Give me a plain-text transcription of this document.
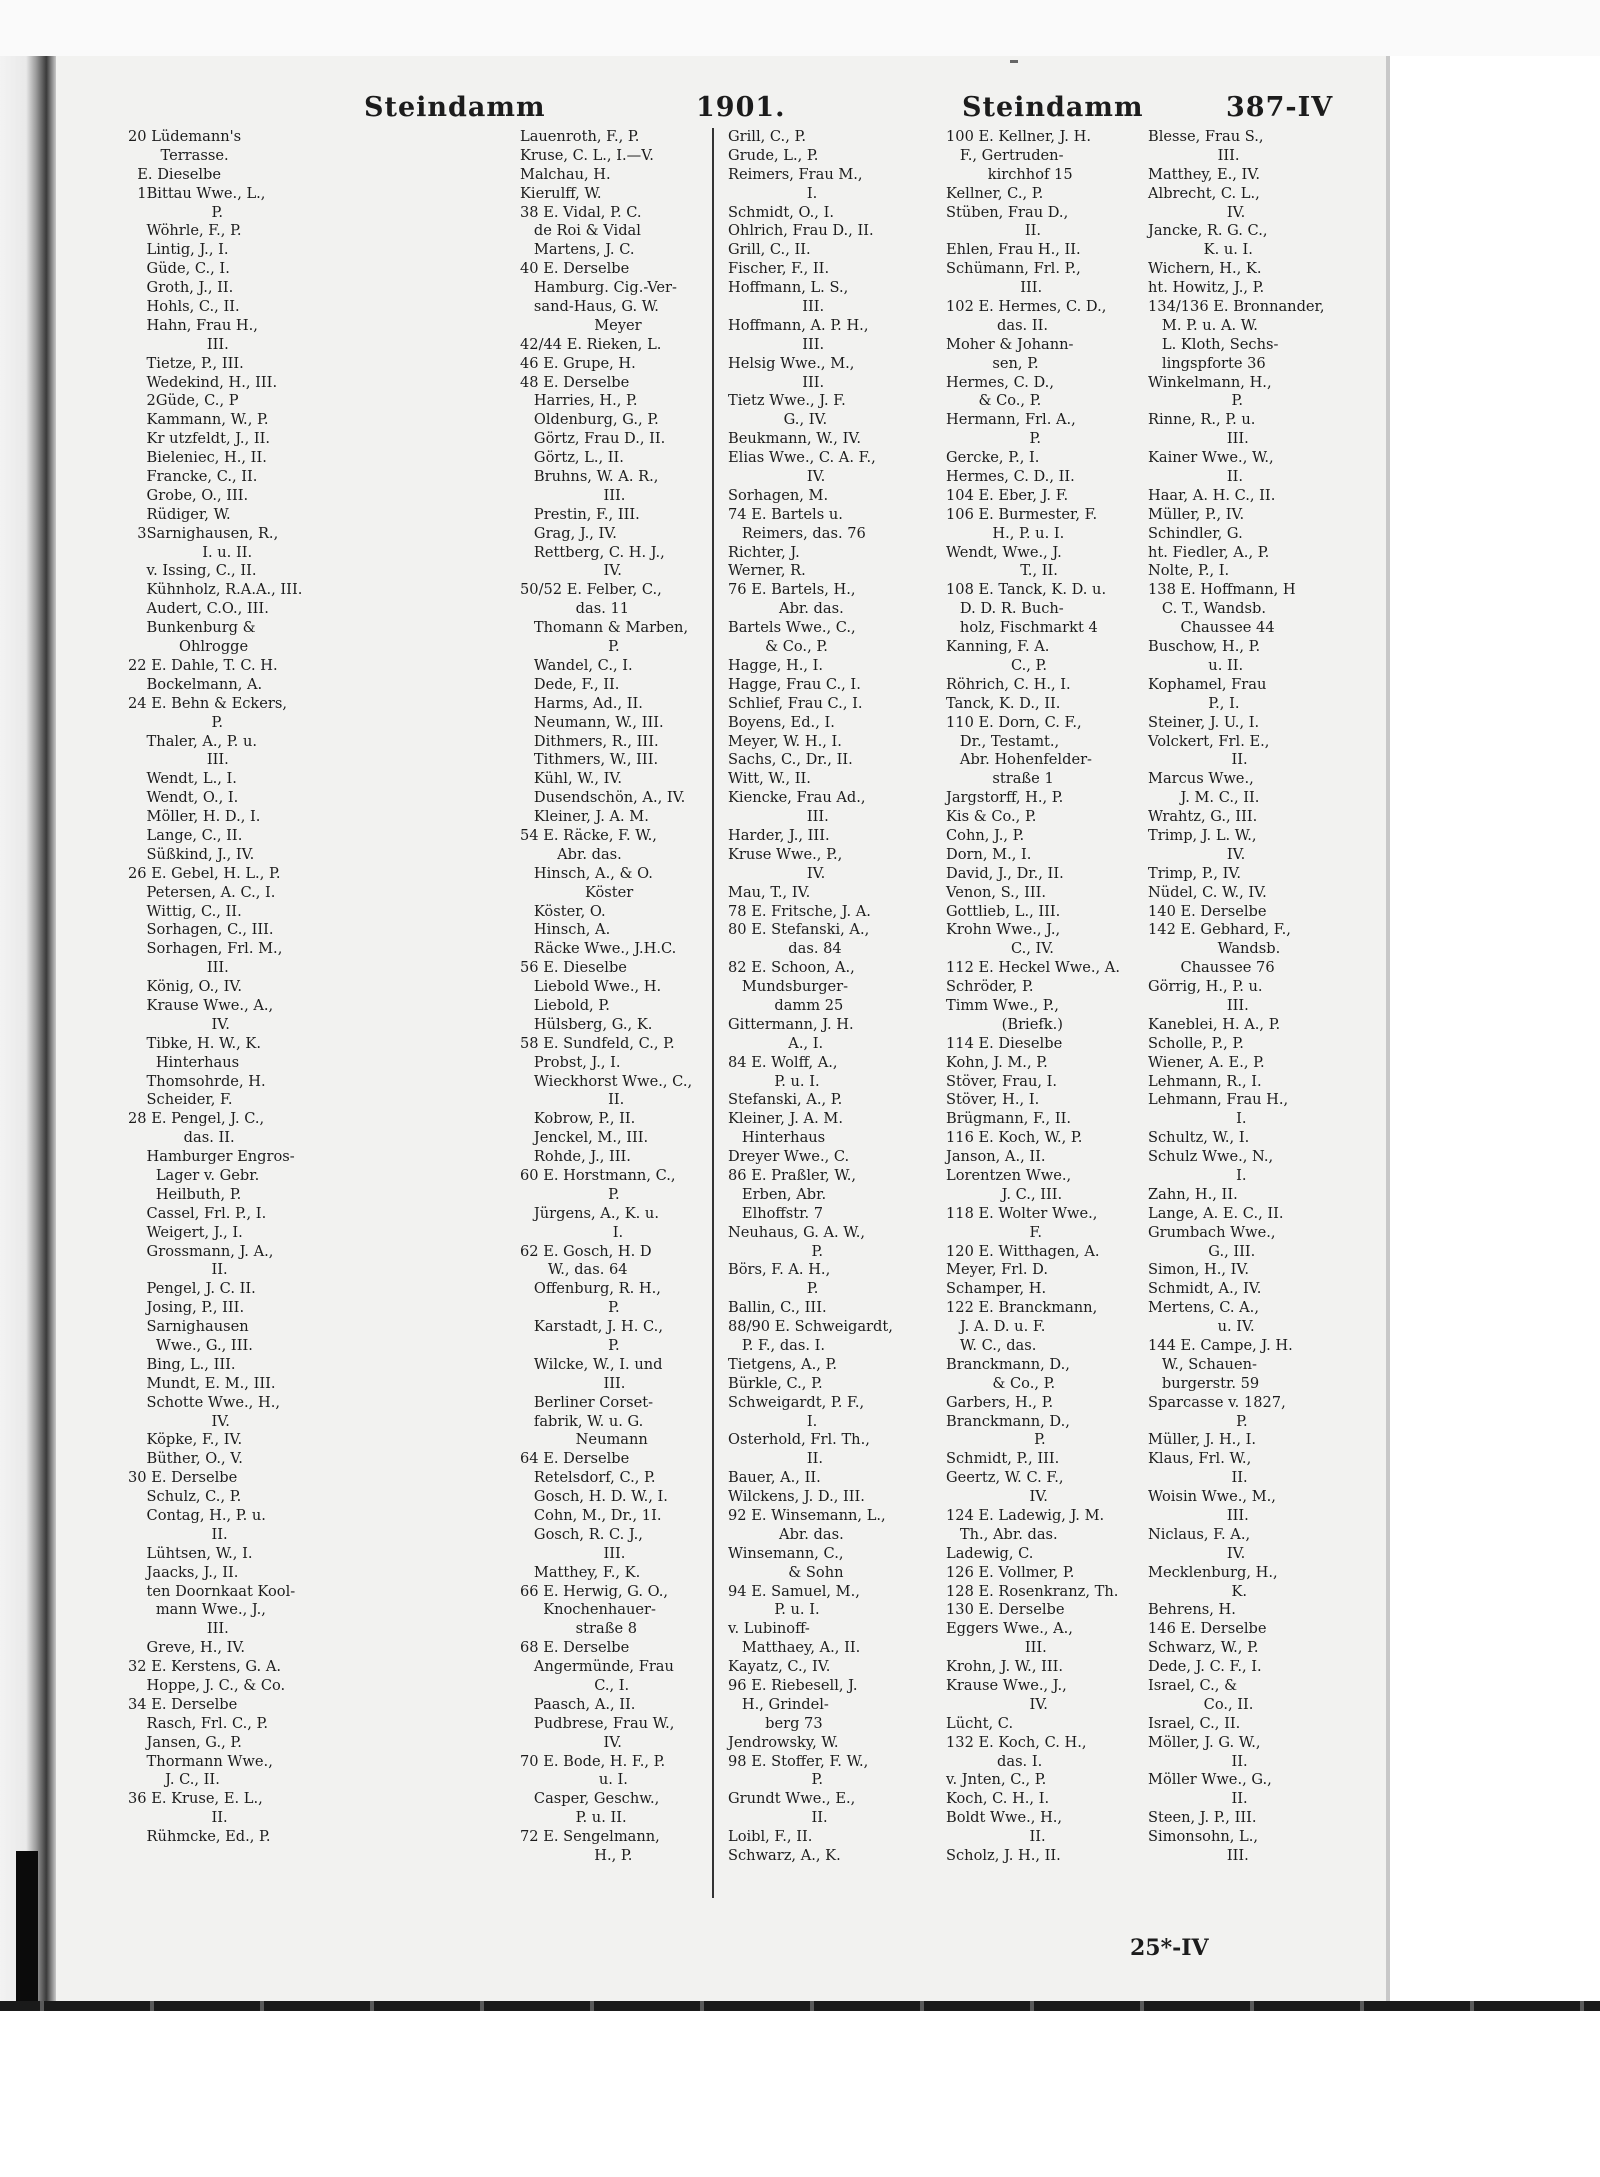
Steindamm	1901.	Steindamm	387-IV
20 Lüdemann's
Terrasse.
E. Dieselbe
1Bittau Wwe., L.,
P.
Wöhrle, F., P.
Lintig, J., I.
Güde, C., I.
Groth, J., II.
Hohls, C., II.
Hahn, Frau H.,
III.
Tietze, P., III.
Wedekind, H., III.
2Güde, C., P
Kammann, W., P.
Kr utzfeldt, J., II.
Bieleniec, H., II.
Francke, C., II.
Grobe, O., III.
Rüdiger, W.
3Sarnighausen, R.,
I. u. II.
v. Issing, C., II.
Kühnholz, R.A.A., III.
Audert, C.O., III.
Bunkenburg &
Ohlrogge
22 E. Dahle, T. C. H.
Bockelmann, A.
24 E. Behn & Eckers,
P.
Thaler, A., P. u.
III.
Wendt, L., I.
Wendt, O., I.
Möller, H. D., I.
Lange, C., II.
Süßkind, J., IV.
26 E. Gebel, H. L., P.
Petersen, A. C., I.
Wittig, C., II.
Sorhagen, C., III.
Sorhagen, Frl. M.,
III.
König, O., IV.
Krause Wwe., A.,
IV.
Tibke, H. W., K.
Hinterhaus
Thomsohrde, H.
Scheider, F.
28 E. Pengel, J. C.,
das. II.
Hamburger Engros-
Lager v. Gebr.
Heilbuth, P.
Cassel, Frl. P., I.
Weigert, J., I.
Grossmann, J. A.,
II.
Pengel, J. C. II.
Josing, P., III.
Sarnighausen
Wwe., G., III.
Bing, L., III.
Mundt, E. M., III.
Schotte Wwe., H.,
IV.
Köpke, F., IV.
Büther, O., V.
30 E. Derselbe
Schulz, C., P.
Contag, H., P. u.
II.
Lühtsen, W., I.
Jaacks, J., II.
ten Doornkaat Kool-
mann Wwe., J.,
III.
Greve, H., IV.
32 E. Kerstens, G. A.
Hoppe, J. C., & Co.
34 E. Derselbe
Rasch, Frl. C., P.
Jansen, G., P.
Thormann Wwe.,
J. C., II.
36 E. Kruse, E. L.,
II.
Rühmcke, Ed., P.
Lauenroth, F., P.
Kruse, C. L., I.—V.
Malchau, H.
Kierulff, W.
38 E. Vidal, P. C.
de Roi & Vidal
Martens, J. C.
40 E. Derselbe
Hamburg. Cig.-Ver-
sand-Haus, G. W.
Meyer
42/44 E. Rieken, L.
46 E. Grupe, H.
48 E. Derselbe
Harries, H., P.
Oldenburg, G., P.
Görtz, Frau D., II.
Görtz, L., II.
Bruhns, W. A. R.,
III.
Prestin, F., III.
Grag, J., IV.
Rettberg, C. H. J.,
IV.
50/52 E. Felber, C.,
das. 11
Thomann & Marben,
P.
Wandel, C., I.
Dede, F., II.
Harms, Ad., II.
Neumann, W., III.
Dithmers, R., III.
Tithmers, W., III.
Kühl, W., IV.
Dusendschön, A., IV.
Kleiner, J. A. M.
54 E. Räcke, F. W.,
Abr. das.
Hinsch, A., & O.
Köster
Köster, O.
Hinsch, A.
Räcke Wwe., J.H.C.
56 E. Dieselbe
Liebold Wwe., H.
Liebold, P.
Hülsberg, G., K.
58 E. Sundfeld, C., P.
Probst, J., I.
Wieckhorst Wwe., C.,
II.
Kobrow, P., II.
Jenckel, M., III.
Rohde, J., III.
60 E. Horstmann, C.,
P.
Jürgens, A., K. u.
I.
62 E. Gosch, H. D
W., das. 64
Offenburg, R. H.,
P.
Karstadt, J. H. C.,
P.
Wilcke, W., I. und
III.
Berliner Corset-
fabrik, W. u. G.
Neumann
64 E. Derselbe
Retelsdorf, C., P.
Gosch, H. D. W., I.
Cohn, M., Dr., 1I.
Gosch, R. C. J.,
III.
Matthey, F., K.
66 E. Herwig, G. O.,
Knochenhauer-
straße 8
68 E. Derselbe
Angermünde, Frau
C., I.
Paasch, A., II.
Pudbrese, Frau W.,
IV.
70 E. Bode, H. F., P.
u. I.
Casper, Geschw.,
P. u. II.
72 E. Sengelmann,
H., P.
Grill, C., P.
Grude, L., P.
Reimers, Frau M.,
I.
Schmidt, O., I.
Ohlrich, Frau D., II.
Grill, C., II.
Fischer, F., II.
Hoffmann, L. S.,
III.
Hoffmann, A. P. H.,
III.
Helsig Wwe., M.,
III.
Tietz Wwe., J. F.
G., IV.
Beukmann, W., IV.
Elias Wwe., C. A. F.,
IV.
Sorhagen, M.
74 E. Bartels u.
Reimers, das. 76
Richter, J.
Werner, R.
76 E. Bartels, H.,
Abr. das.
Bartels Wwe., C.,
& Co., P.
Hagge, H., I.
Hagge, Frau C., I.
Schlief, Frau C., I.
Boyens, Ed., I.
Meyer, W. H., I.
Sachs, C., Dr., II.
Witt, W., II.
Kiencke, Frau Ad.,
III.
Harder, J., III.
Kruse Wwe., P.,
IV.
Mau, T., IV.
78 E. Fritsche, J. A.
80 E. Stefanski, A.,
das. 84
82 E. Schoon, A.,
Mundsburger-
damm 25
Gittermann, J. H.
A., I.
84 E. Wolff, A.,
P. u. I.
Stefanski, A., P.
Kleiner, J. A. M.
Hinterhaus
Dreyer Wwe., C.
86 E. Praßler, W.,
Erben, Abr.
Elhoffstr. 7
Neuhaus, G. A. W.,
P.
Börs, F. A. H.,
P.
Ballin, C., III.
88/90 E. Schweigardt,
P. F., das. I.
Tietgens, A., P.
Bürkle, C., P.
Schweigardt, P. F.,
I.
Osterhold, Frl. Th.,
II.
Bauer, A., II.
Wilckens, J. D., III.
92 E. Winsemann, L.,
Abr. das.
Winsemann, C.,
& Sohn
94 E. Samuel, M.,
P. u. I.
v. Lubinoff-
Matthaey, A., II.
Kayatz, C., IV.
96 E. Riebesell, J.
H., Grindel-
berg 73
Jendrowsky, W.
98 E. Stoffer, F. W.,
P.
Grundt Wwe., E.,
II.
Loibl, F., II.
Schwarz, A., K.
100 E. Kellner, J. H.
F., Gertruden-
kirchhof 15
Kellner, C., P.
Stüben, Frau D.,
II.
Ehlen, Frau H., II.
Schümann, Frl. P.,
III.
102 E. Hermes, C. D.,
das. II.
Moher & Johann-
sen, P.
Hermes, C. D.,
& Co., P.
Hermann, Frl. A.,
P.
Gercke, P., I.
Hermes, C. D., II.
104 E. Eber, J. F.
106 E. Burmester, F.
H., P. u. I.
Wendt, Wwe., J.
T., II.
108 E. Tanck, K. D. u.
D. D. R. Buch-
holz, Fischmarkt 4
Kanning, F. A.
C., P.
Röhrich, C. H., I.
Tanck, K. D., II.
110 E. Dorn, C. F.,
Dr., Testamt.,
Abr. Hohenfelder-
straße 1
Jargstorff, H., P.
Kis & Co., P.
Cohn, J., P.
Dorn, M., I.
David, J., Dr., II.
Venon, S., III.
Gottlieb, L., III.
Krohn Wwe., J.,
C., IV.
112 E. Heckel Wwe., A.
Schröder, P.
Timm Wwe., P.,
(Briefk.)
114 E. Dieselbe
Kohn, J. M., P.
Stöver, Frau, I.
Stöver, H., I.
Brügmann, F., II.
116 E. Koch, W., P.
Janson, A., II.
Lorentzen Wwe.,
J. C., III.
118 E. Wolter Wwe.,
F.
120 E. Witthagen, A.
Meyer, Frl. D.
Schamper, H.
122 E. Branckmann,
J. A. D. u. F.
W. C., das.
Branckmann, D.,
& Co., P.
Garbers, H., P.
Branckmann, D.,
P.
Schmidt, P., III.
Geertz, W. C. F.,
IV.
124 E. Ladewig, J. M.
Th., Abr. das.
Ladewig, C.
126 E. Vollmer, P.
128 E. Rosenkranz, Th.
130 E. Derselbe
Eggers Wwe., A.,
III.
Krohn, J. W., III.
Krause Wwe., J.,
IV.
Lücht, C.
132 E. Koch, C. H.,
das. I.
v. Jnten, C., P.
Koch, C. H., I.
Boldt Wwe., H.,
II.
Scholz, J. H., II.
Blesse, Frau S.,
III.
Matthey, E., IV.
Albrecht, C. L.,
IV.
Jancke, R. G. C.,
K. u. I.
Wichern, H., K.
ht. Howitz, J., P.
134/136 E. Bronnander,
M. P. u. A. W.
L. Kloth, Sechs-
lingspforte 36
Winkelmann, H.,
P.
Rinne, R., P. u.
III.
Kainer Wwe., W.,
II.
Haar, A. H. C., II.
Müller, P., IV.
Schindler, G.
ht. Fiedler, A., P.
Nolte, P., I.
138 E. Hoffmann, H
C. T., Wandsb.
Chaussee 44
Buschow, H., P.
u. II.
Kophamel, Frau
P., I.
Steiner, J. U., I.
Volckert, Frl. E.,
II.
Marcus Wwe.,
J. M. C., II.
Wrahtz, G., III.
Trimp, J. L. W.,
IV.
Trimp, P., IV.
Nüdel, C. W., IV.
140 E. Derselbe
142 E. Gebhard, F.,
Wandsb.
Chaussee 76
Görrig, H., P. u.
III.
Kaneblei, H. A., P.
Scholle, P., P.
Wiener, A. E., P.
Lehmann, R., I.
Lehmann, Frau H.,
I.
Schultz, W., I.
Schulz Wwe., N.,
I.
Zahn, H., II.
Lange, A. E. C., II.
Grumbach Wwe.,
G., III.
Simon, H., IV.
Schmidt, A., IV.
Mertens, C. A.,
u. IV.
144 E. Campe, J. H.
W., Schauen-
burgerstr. 59
Sparcasse v. 1827,
P.
Müller, J. H., I.
Klaus, Frl. W.,
II.
Woisin Wwe., M.,
III.
Niclaus, F. A.,
IV.
Mecklenburg, H.,
K.
Behrens, H.
146 E. Derselbe
Schwarz, W., P.
Dede, J. C. F., I.
Israel, C., &
Co., II.
Israel, C., II.
Möller, J. G. W.,
II.
Möller Wwe., G.,
II.
Steen, J. P., III.
Simonsohn, L.,
III.
25*-IV
